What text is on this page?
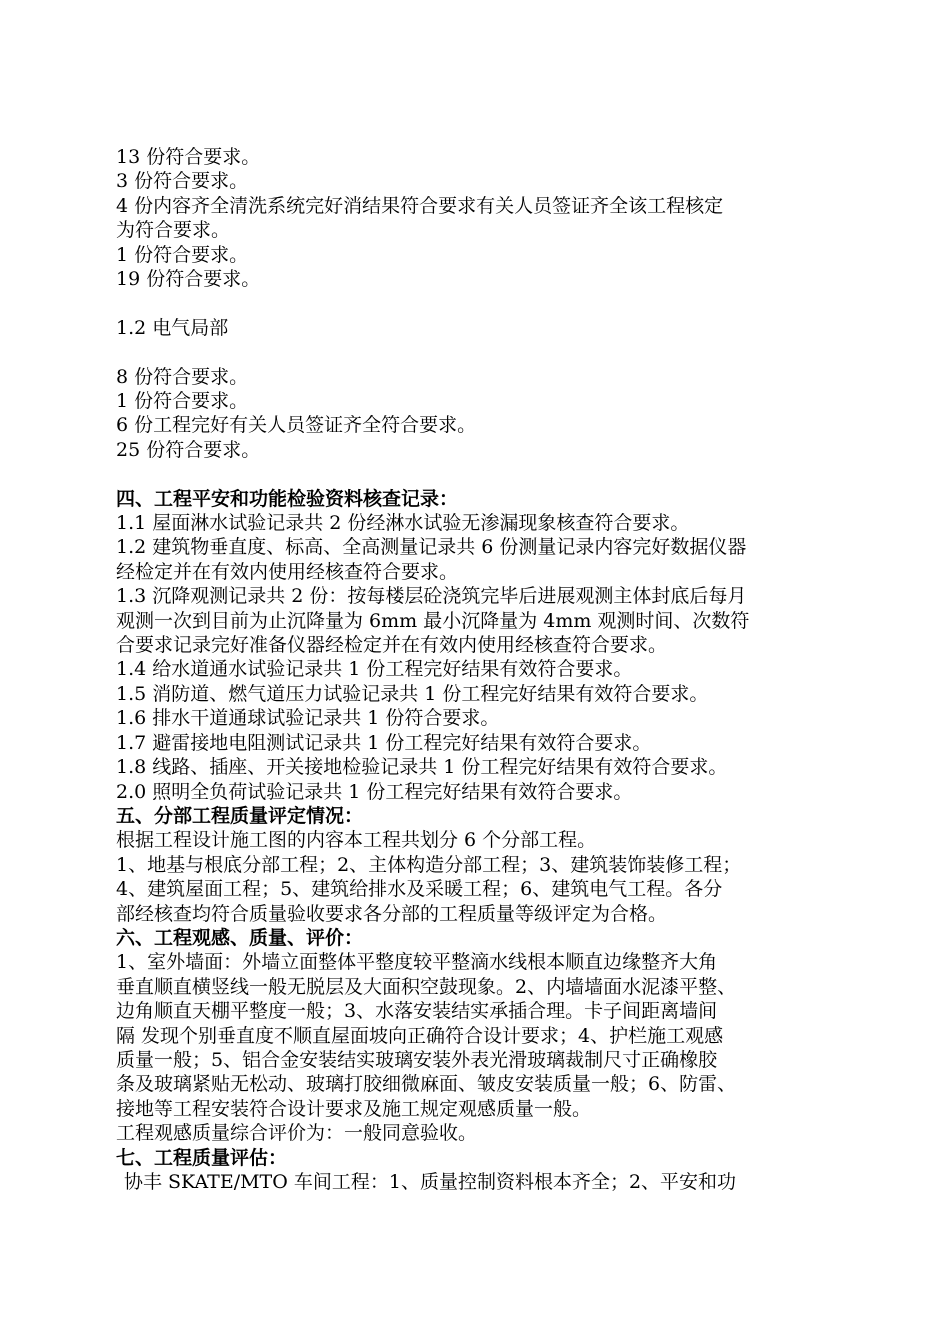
13 份符合要求。
3 份符合要求。
4 份内容齐全清洗系统完好消结果符合要求有关人员签证齐全该工程核定
为符合要求。
1 份符合要求。
19 份符合要求。
1.2 电气局部
8 份符合要求。
1 份符合要求。
6 份工程完好有关人员签证齐全符合要求。
25 份符合要求。
四、工程平安和功能检验资料核查记录：
1.1 屋面淋水试验记录共 2 份经淋水试验无渗漏现象核查符合要求。
1.2 建筑物垂直度、标高、全高测量记录共 6 份测量记录内容完好数据仪器
经检定并在有效内使用经核查符合要求。
1.3 沉降观测记录共 2 份：按每楼层砼浇筑完毕后进展观测主体封底后每月
观测一次到目前为止沉降量为 6mm 最小沉降量为 4mm 观测时间、次数符
合要求记录完好准备仪器经检定并在有效内使用经核查符合要求。
1.4 给水道通水试验记录共 1 份工程完好结果有效符合要求。
1.5 消防道、燃气道压力试验记录共 1 份工程完好结果有效符合要求。
1.6 排水干道通球试验记录共 1 份符合要求。
1.7 避雷接地电阻测试记录共 1 份工程完好结果有效符合要求。
1.8 线路、插座、开关接地检验记录共 1 份工程完好结果有效符合要求。
2.0 照明全负荷试验记录共 1 份工程完好结果有效符合要求。
五、分部工程质量评定情况：
根据工程设计施工图的内容本工程共划分 6 个分部工程。
1、地基与根底分部工程；2、主体构造分部工程；3、建筑装饰装修工程；
4、建筑屋面工程；5、建筑给排水及采暖工程；6、建筑电气工程。各分
部经核查均符合质量验收要求各分部的工程质量等级评定为合格。
六、工程观感、质量、评价：
1、室外墙面：外墙立面整体平整度较平整滴水线根本顺直边缘整齐大角
垂直顺直横竖线一般无脱层及大面积空鼓现象。2、内墙墙面水泥漆平整、
边角顺直天棚平整度一般；3、水落安装结实承插合理。卡子间距离墙间
隔 发现个别垂直度不顺直屋面坡向正确符合设计要求；4、护栏施工观感
质量一般；5、铝合金安装结实玻璃安装外表光滑玻璃裁制尺寸正确橡胶
条及玻璃紧贴无松动、玻璃打胶细微麻面、皱皮安装质量一般；6、防雷、
接地等工程安装符合设计要求及施工规定观感质量一般。
工程观感质量综合评价为：一般同意验收。
七、工程质量评估：
协丰 SKATE/MTO 车间工程：1、质量控制资料根本齐全；2、平安和功
